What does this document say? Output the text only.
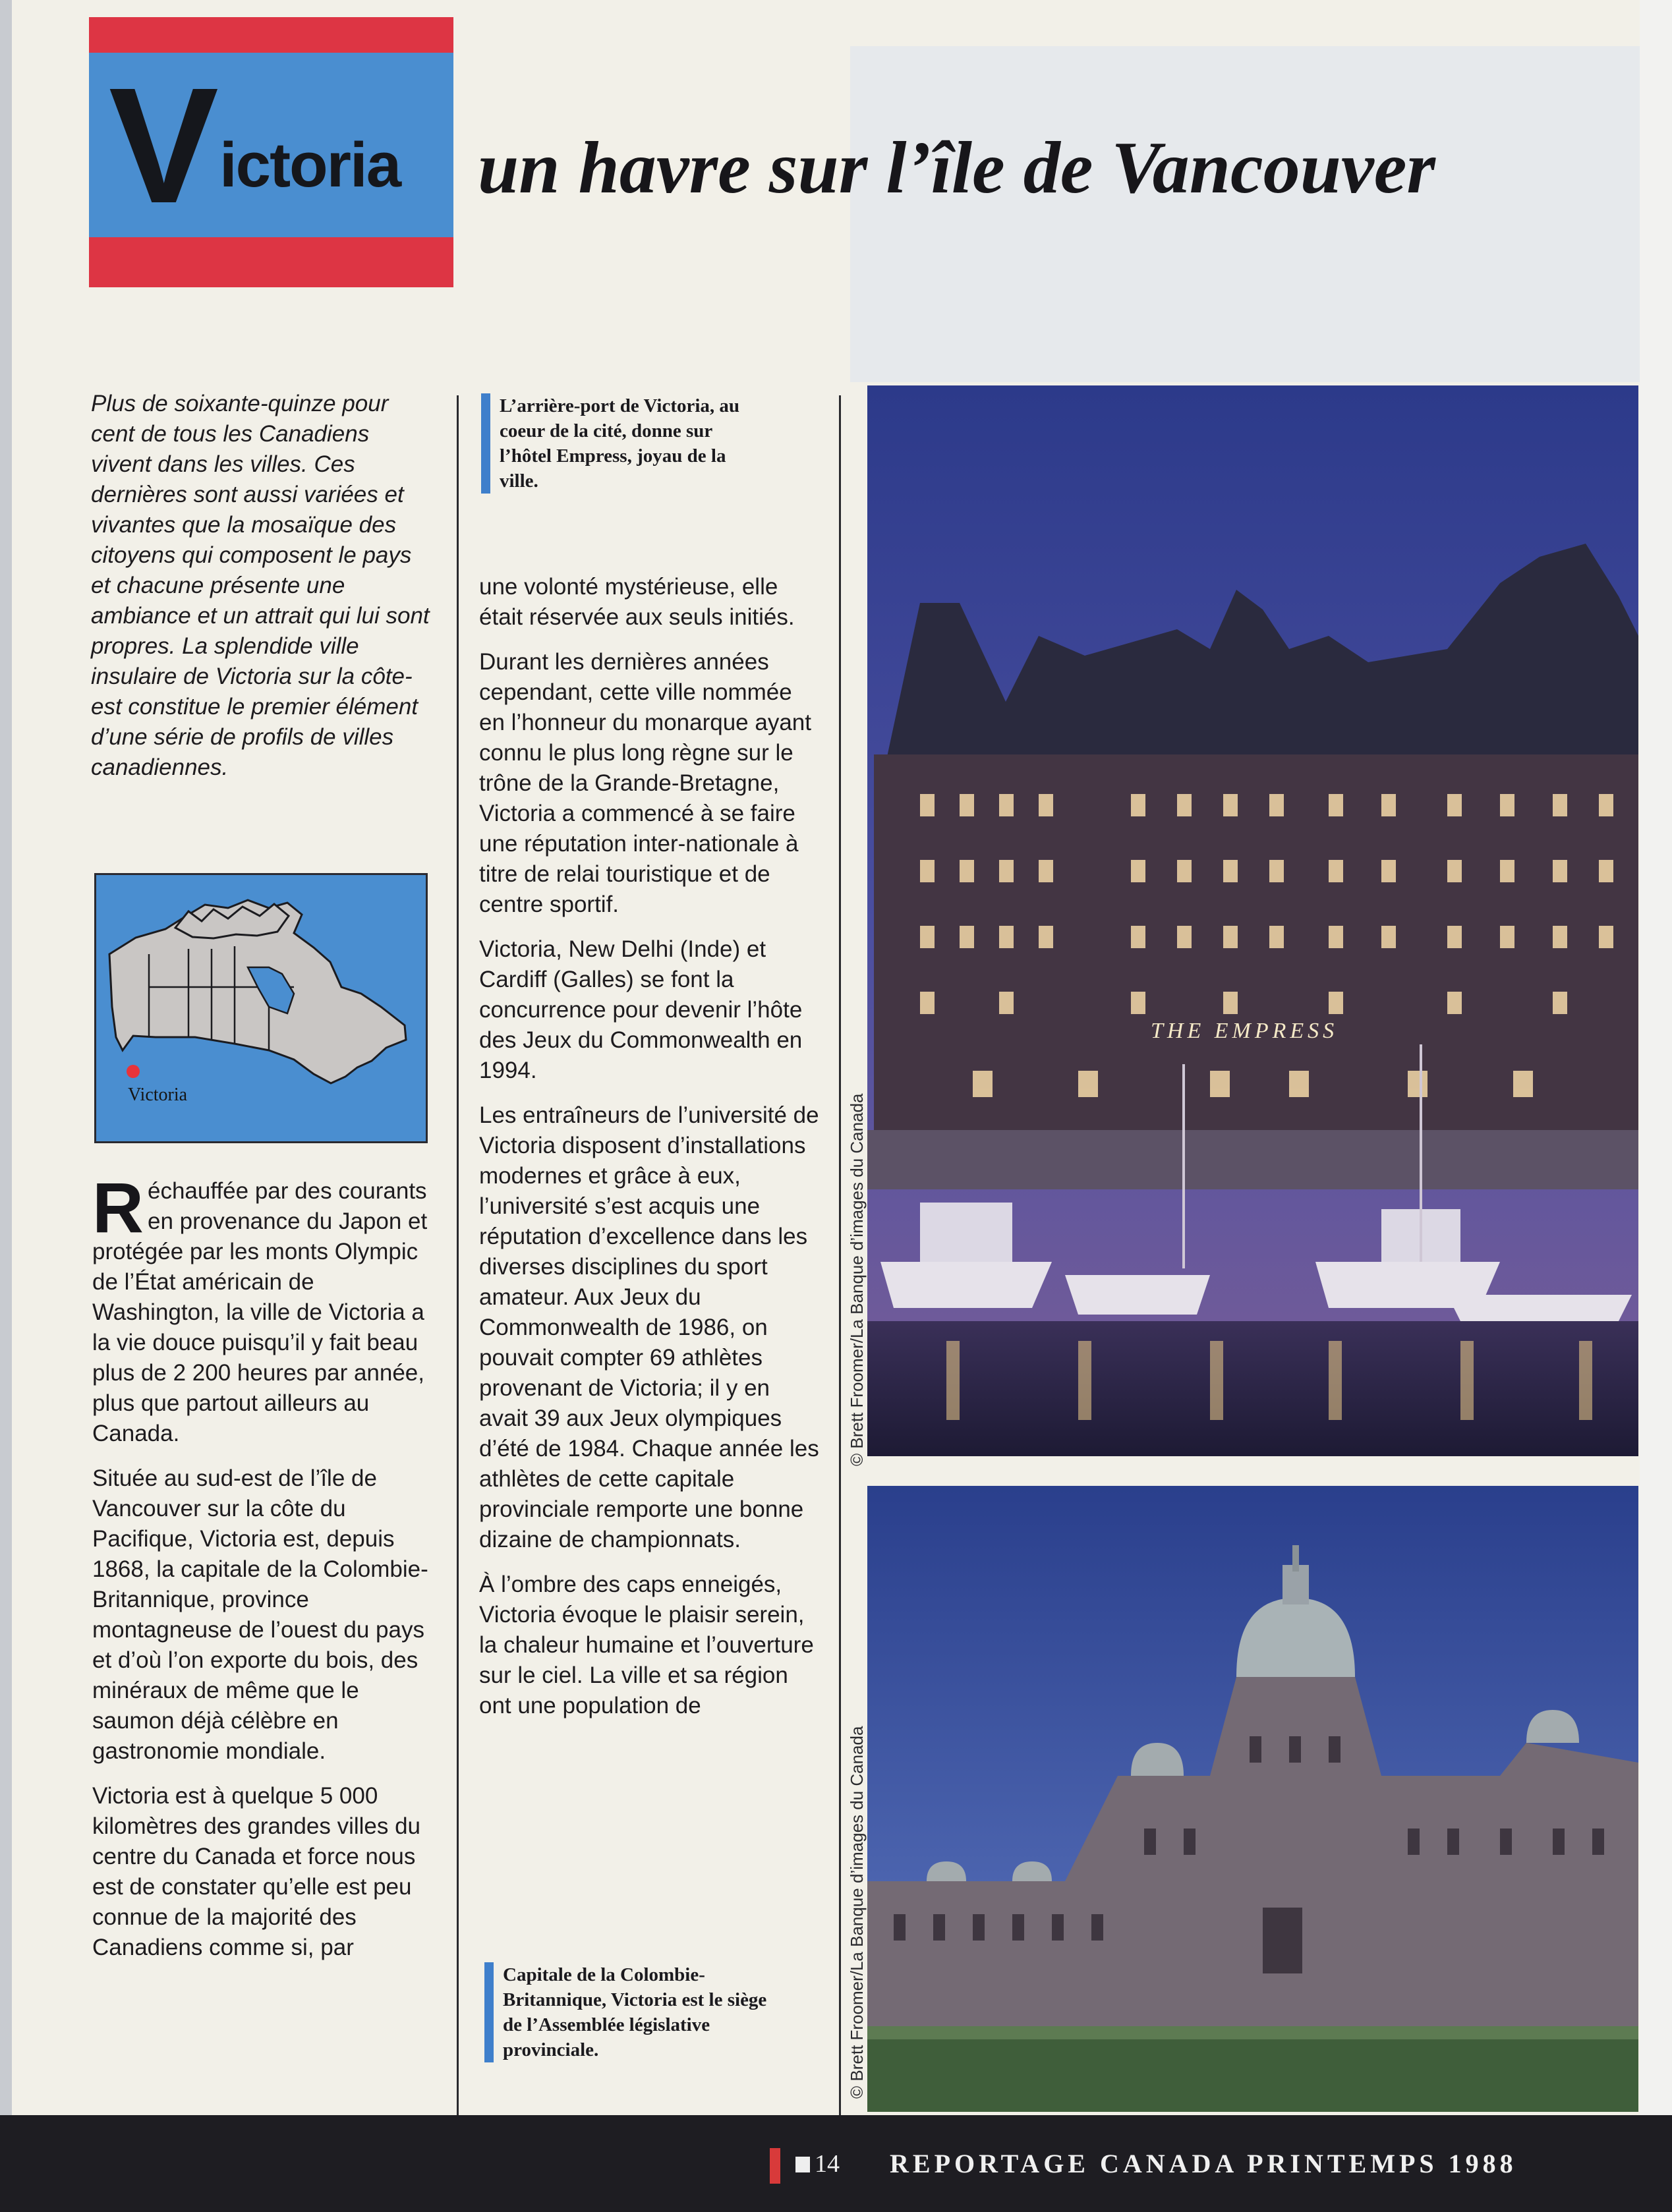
V ictoria un havre sur l’île de Vancouver
Plus de soixante-quinze pour cent de tous les Canadiens vivent dans les villes. Ces dernières sont aussi variées et vivantes que la mosaïque des citoyens qui composent le pays et chacune présente une ambiance et un attrait qui lui sont propres. La splendide ville insulaire de Victoria sur la côte-est constitue le premier élément d’une série de profils de villes canadiennes.
Victoria

Réchauffée par des courants en provenance du Japon et protégée par les monts Olympic de l’État américain de Washington, la ville de Victoria a la vie douce puisqu’il y fait beau plus de 2 200 heures par année, plus que partout ailleurs au Canada.

Située au sud-est de l’île de Vancouver sur la côte du Pacifique, Victoria est, depuis 1868, la capitale de la Colombie-Britannique, province montagneuse de l’ouest du pays et d’où l’on exporte du bois, des minéraux de même que le saumon déjà célèbre en gastronomie mondiale.

Victoria est à quelque 5 000 kilomètres des grandes villes du centre du Canada et force nous est de constater qu’elle est peu connue de la majorité des Canadiens comme si, par

L’arrière-port de Victoria, au coeur de la cité, donne sur l’hôtel Empress, joyau de la ville.

une volonté mystérieuse, elle était réservée aux seuls initiés.

Durant les dernières années cependant, cette ville nommée en l’honneur du monarque ayant connu le plus long règne sur le trône de la Grande-Bretagne, Victoria a commencé à se faire une réputation inter-nationale à titre de relai touristique et de centre sportif.

Victoria, New Delhi (Inde) et Cardiff (Galles) se font la concurrence pour devenir l’hôte des Jeux du Commonwealth en 1994.

Les entraîneurs de l’université de Victoria disposent d’installations modernes et grâce à eux, l’université s’est acquis une réputation d’excellence dans les diverses disciplines du sport amateur. Aux Jeux du Commonwealth de 1986, on pouvait compter 69 athlètes provenant de Victoria; il y en avait 39 aux Jeux olympiques d’été de 1984. Chaque année les athlètes de cette capitale provinciale remporte une bonne dizaine de championnats.

À l’ombre des caps enneigés, Victoria évoque le plaisir serein, la chaleur humaine et l’ouverture sur le ciel. La ville et sa région ont une population de

Capitale de la Colombie-Britannique, Victoria est le siège de l’Assemblée législative provinciale.
THE EMPRESS
© Brett Froomer/La Banque d’images du Canada
© Brett Froomer/La Banque d’images du Canada
14 REPORTAGE CANADA PRINTEMPS 1988
